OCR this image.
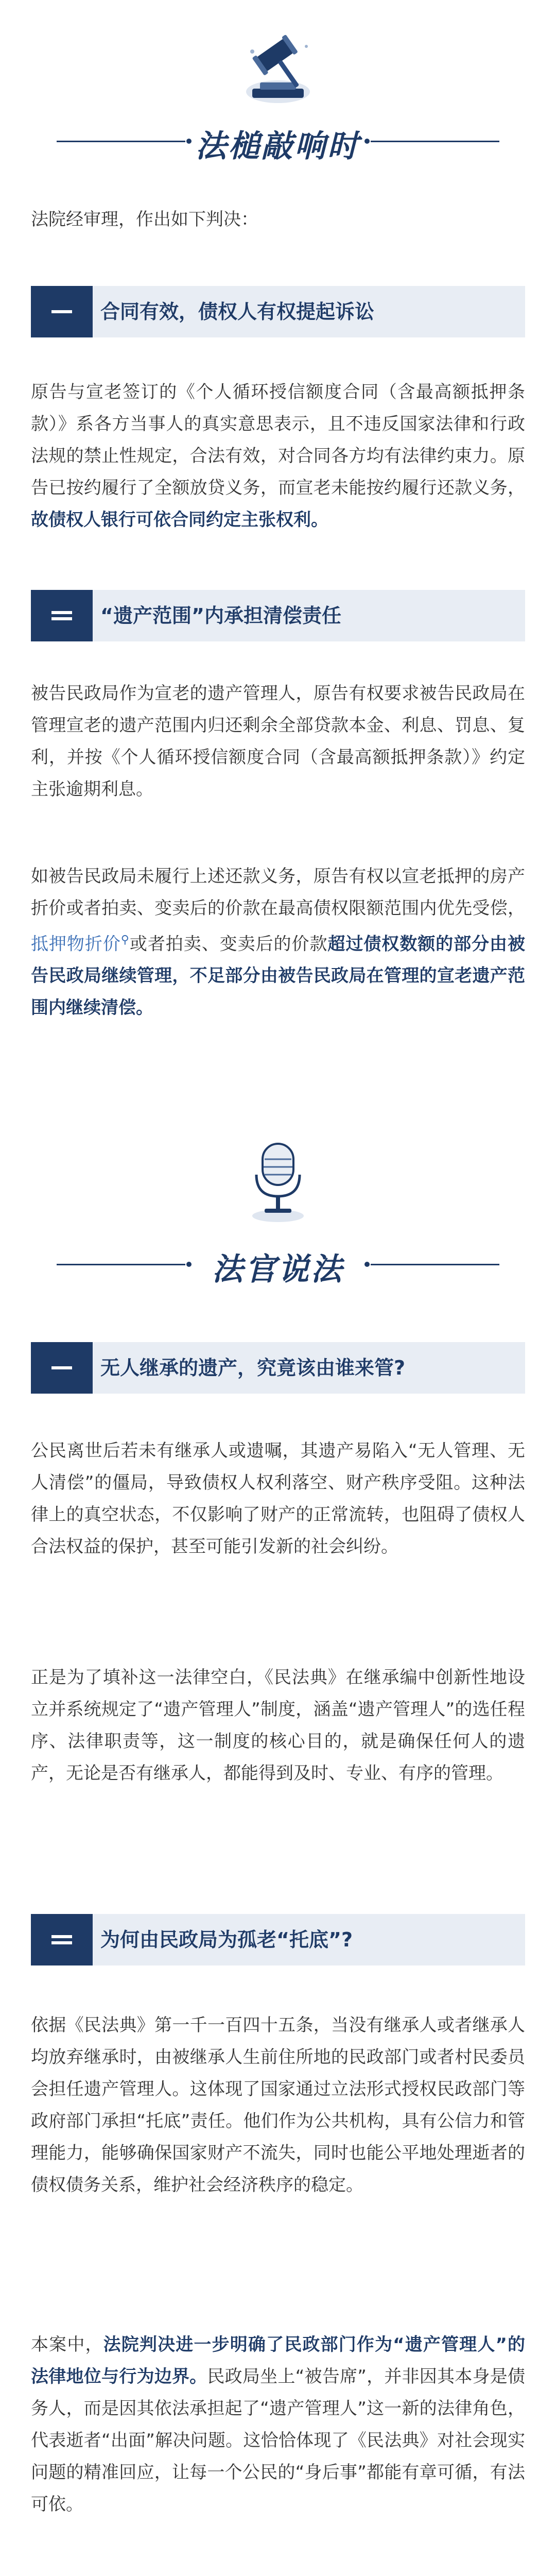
法槌敲响时

法院经审理，作出如下判决：

合同有效，债权人有权提起诉讼

原告与宣老签订的《个人循环授信额度合同（含最高额抵押条款）》系各方当事人的真实意思表示，且不违反国家法律和行政法规的禁止性规定，合法有效，对合同各方均有法律约束力。原告已按约履行了全额放贷义务，而宣老未能按约履行还款义务，故债权人银行可依合同约定主张权利。

“遗产范围”内承担清偿责任

被告民政局作为宣老的遗产管理人，原告有权要求被告民政局在管理宣老的遗产范围内归还剩余全部贷款本金、利息、罚息、复利，并按《个人循环授信额度合同（含最高额抵押条款）》约定主张逾期利息。

如被告民政局未履行上述还款义务，原告有权以宣老抵押的房产折价或者拍卖、变卖后的价款在最高债权限额范围内优先受偿，抵押物折价⚲或者拍卖、变卖后的价款超过债权数额的部分由被告民政局继续管理，不足部分由被告民政局在管理的宣老遗产范围内继续清偿。

法官说法
无人继承的遗产，究竟该由谁来管?

公民离世后若未有继承人或遗嘱，其遗产易陷入“无人管理、无人清偿”的僵局，导致债权人权利落空、财产秩序受阻。这种法律上的真空状态，不仅影响了财产的正常流转，也阻碍了债权人合法权益的保护，甚至可能引发新的社会纠纷。

正是为了填补这一法律空白，《民法典》在继承编中创新性地设立并系统规定了“遗产管理人”制度，涵盖“遗产管理人”的选任程序、法律职责等，这一制度的核心目的，就是确保任何人的遗产，无论是否有继承人，都能得到及时、专业、有序的管理。

为何由民政局为孤老“托底”?

依据《民法典》第一千一百四十五条，当没有继承人或者继承人均放弃继承时，由被继承人生前住所地的民政部门或者村民委员会担任遗产管理人。这体现了国家通过立法形式授权民政部门等政府部门承担“托底”责任。他们作为公共机构，具有公信力和管理能力，能够确保国家财产不流失，同时也能公平地处理逝者的债权债务关系，维护社会经济秩序的稳定。

本案中，法院判决进一步明确了民政部门作为“遗产管理人”的法律地位与行为边界。民政局坐上“被告席”，并非因其本身是债务人，而是因其依法承担起了“遗产管理人”这一新的法律角色，代表逝者“出面”解决问题。这恰恰体现了《民法典》对社会现实问题的精准回应，让每一个公民的“身后事”都能有章可循，有法可依。
